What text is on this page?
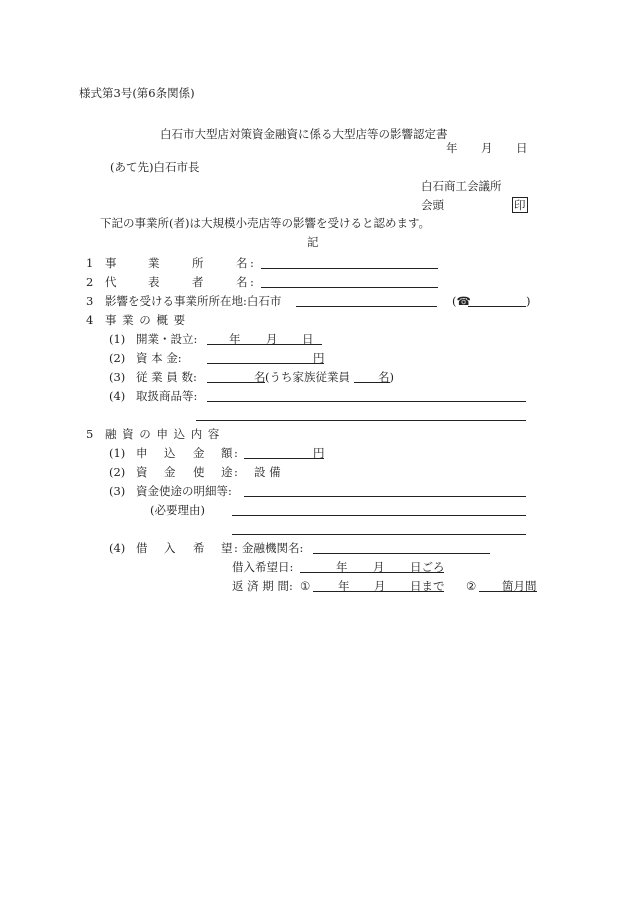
様式第3号(第6条関係)
白石市大型店対策資金融資に係る大型店等の影響認定書
年 月 日
(あて先)白石市長
白石商工会議所
会頭	印
下記の事業所(者)は大規模小売店等の影響を受けると認めます。
記
1 事	業	所	名 :
2 代	表	者	名 :
3 影響を受ける事業所所在地:白石市	(☎	)
4 事 業 の 概 要
(1) 開業・設立:	年 月 日
(2) 資 本 金:	円
(3) 従 業 員 数:	名 (うち家族従業員 名)
(4) 取扱商品等:
5 融 資 の 申 込 内 容
(1) 申 込 金 額 :	円
(2) 資 金 使 途 : 設 備
(3) 資金使途の明細等:
(必要理由)
(4) 借 入 希 望 : 金融機関名:
借入希望日:	年 月 日ごろ
返 済 期 間: ① 年 月 日まで ② 箇月間
